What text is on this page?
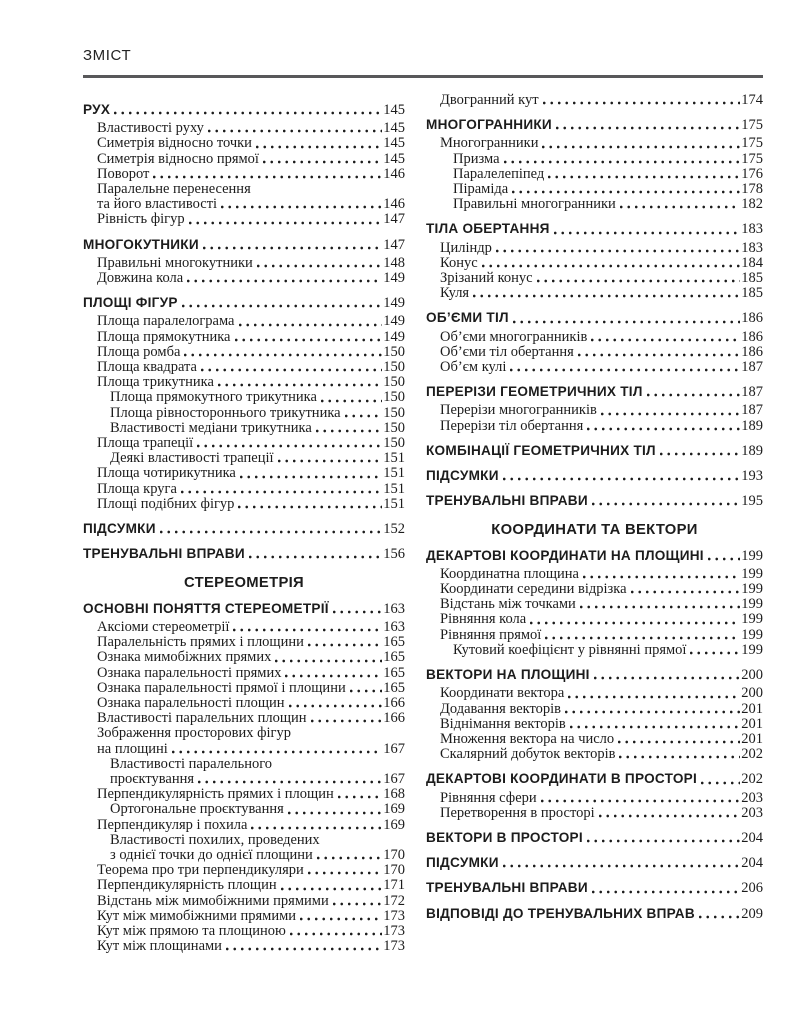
ЗМІСТ
РУХ	145
Властивості руху	145
Симетрія відносно точки	145
Симетрія відносно прямої	145
Поворот	146
Паралельне перенесення
та його властивості	146
Рівність фігур	147
МНОГОКУТНИКИ	147
Правильні многокутники	148
Довжина кола	149
ПЛОЩІ ФІГУР	149
Площа паралелограма	149
Площа прямокутника	149
Площа ромба	150
Площа квадрата	150
Площа трикутника	150
Площа прямокутного трикутника	150
Площа рівностороннього трикутника	150
Властивості медіани трикутника	150
Площа трапеції	150
Деякі властивості трапеції	151
Площа чотирикутника	151
Площа круга	151
Площі подібних фігур	151
ПІДСУМКИ	152
ТРЕНУВАЛЬНІ ВПРАВИ	156
СТЕРЕОМЕТРІЯ
ОСНОВНІ ПОНЯТТЯ СТЕРЕОМЕТРІЇ	163
Аксіоми стереометрії	163
Паралельність прямих і площини	165
Ознака мимобіжних прямих	165
Ознака паралельності прямих	165
Ознака паралельності прямої і площини	165
Ознака паралельності площин	166
Властивості паралельних площин	166
Зображення просторових фігур
на площині	167
Властивості паралельного
проєктування	167
Перпендикулярність прямих і площин	168
Ортогональне проєктування	169
Перпендикуляр і похила	169
Властивості похилих, проведених
з однієї точки до однієї площини	170
Теорема про три перпендикуляри	170
Перпендикулярність площин	171
Відстань між мимобіжними прямими	172
Кут між мимобіжними прямими	173
Кут між прямою та площиною	173
Кут між площинами	173
Двогранний кут	174
МНОГОГРАННИКИ	175
Многогранники	175
Призма	175
Паралелепіпед	176
Піраміда	178
Правильні многогранники	182
ТІЛА ОБЕРТАННЯ	183
Циліндр	183
Конус	184
Зрізаний конус	185
Куля	185
ОБ’ЄМИ ТІЛ	186
Об’єми многогранників	186
Об’єми тіл обертання	186
Об’єм кулі	187
ПЕРЕРІЗИ ГЕОМЕТРИЧНИХ ТІЛ	187
Перерізи многогранників	187
Перерізи тіл обертання	189
КОМБІНАЦІЇ ГЕОМЕТРИЧНИХ ТІЛ	189
ПІДСУМКИ	193
ТРЕНУВАЛЬНІ ВПРАВИ	195
КООРДИНАТИ ТА ВЕКТОРИ
ДЕКАРТОВІ КООРДИНАТИ НА ПЛОЩИНІ	199
Координатна площина	199
Координати середини відрізка	199
Відстань між точками	199
Рівняння кола	199
Рівняння прямої	199
Кутовий коефіцієнт у рівнянні прямої	199
ВЕКТОРИ НА ПЛОЩИНІ	200
Координати вектора	200
Додавання векторів	201
Віднімання векторів	201
Множення вектора на число	201
Скалярний добуток векторів	202
ДЕКАРТОВІ КООРДИНАТИ В ПРОСТОРІ	202
Рівняння сфери	203
Перетворення в просторі	203
ВЕКТОРИ В ПРОСТОРІ	204
ПІДСУМКИ	204
ТРЕНУВАЛЬНІ ВПРАВИ	206
ВІДПОВІДІ ДО ТРЕНУВАЛЬНИХ ВПРАВ	209
